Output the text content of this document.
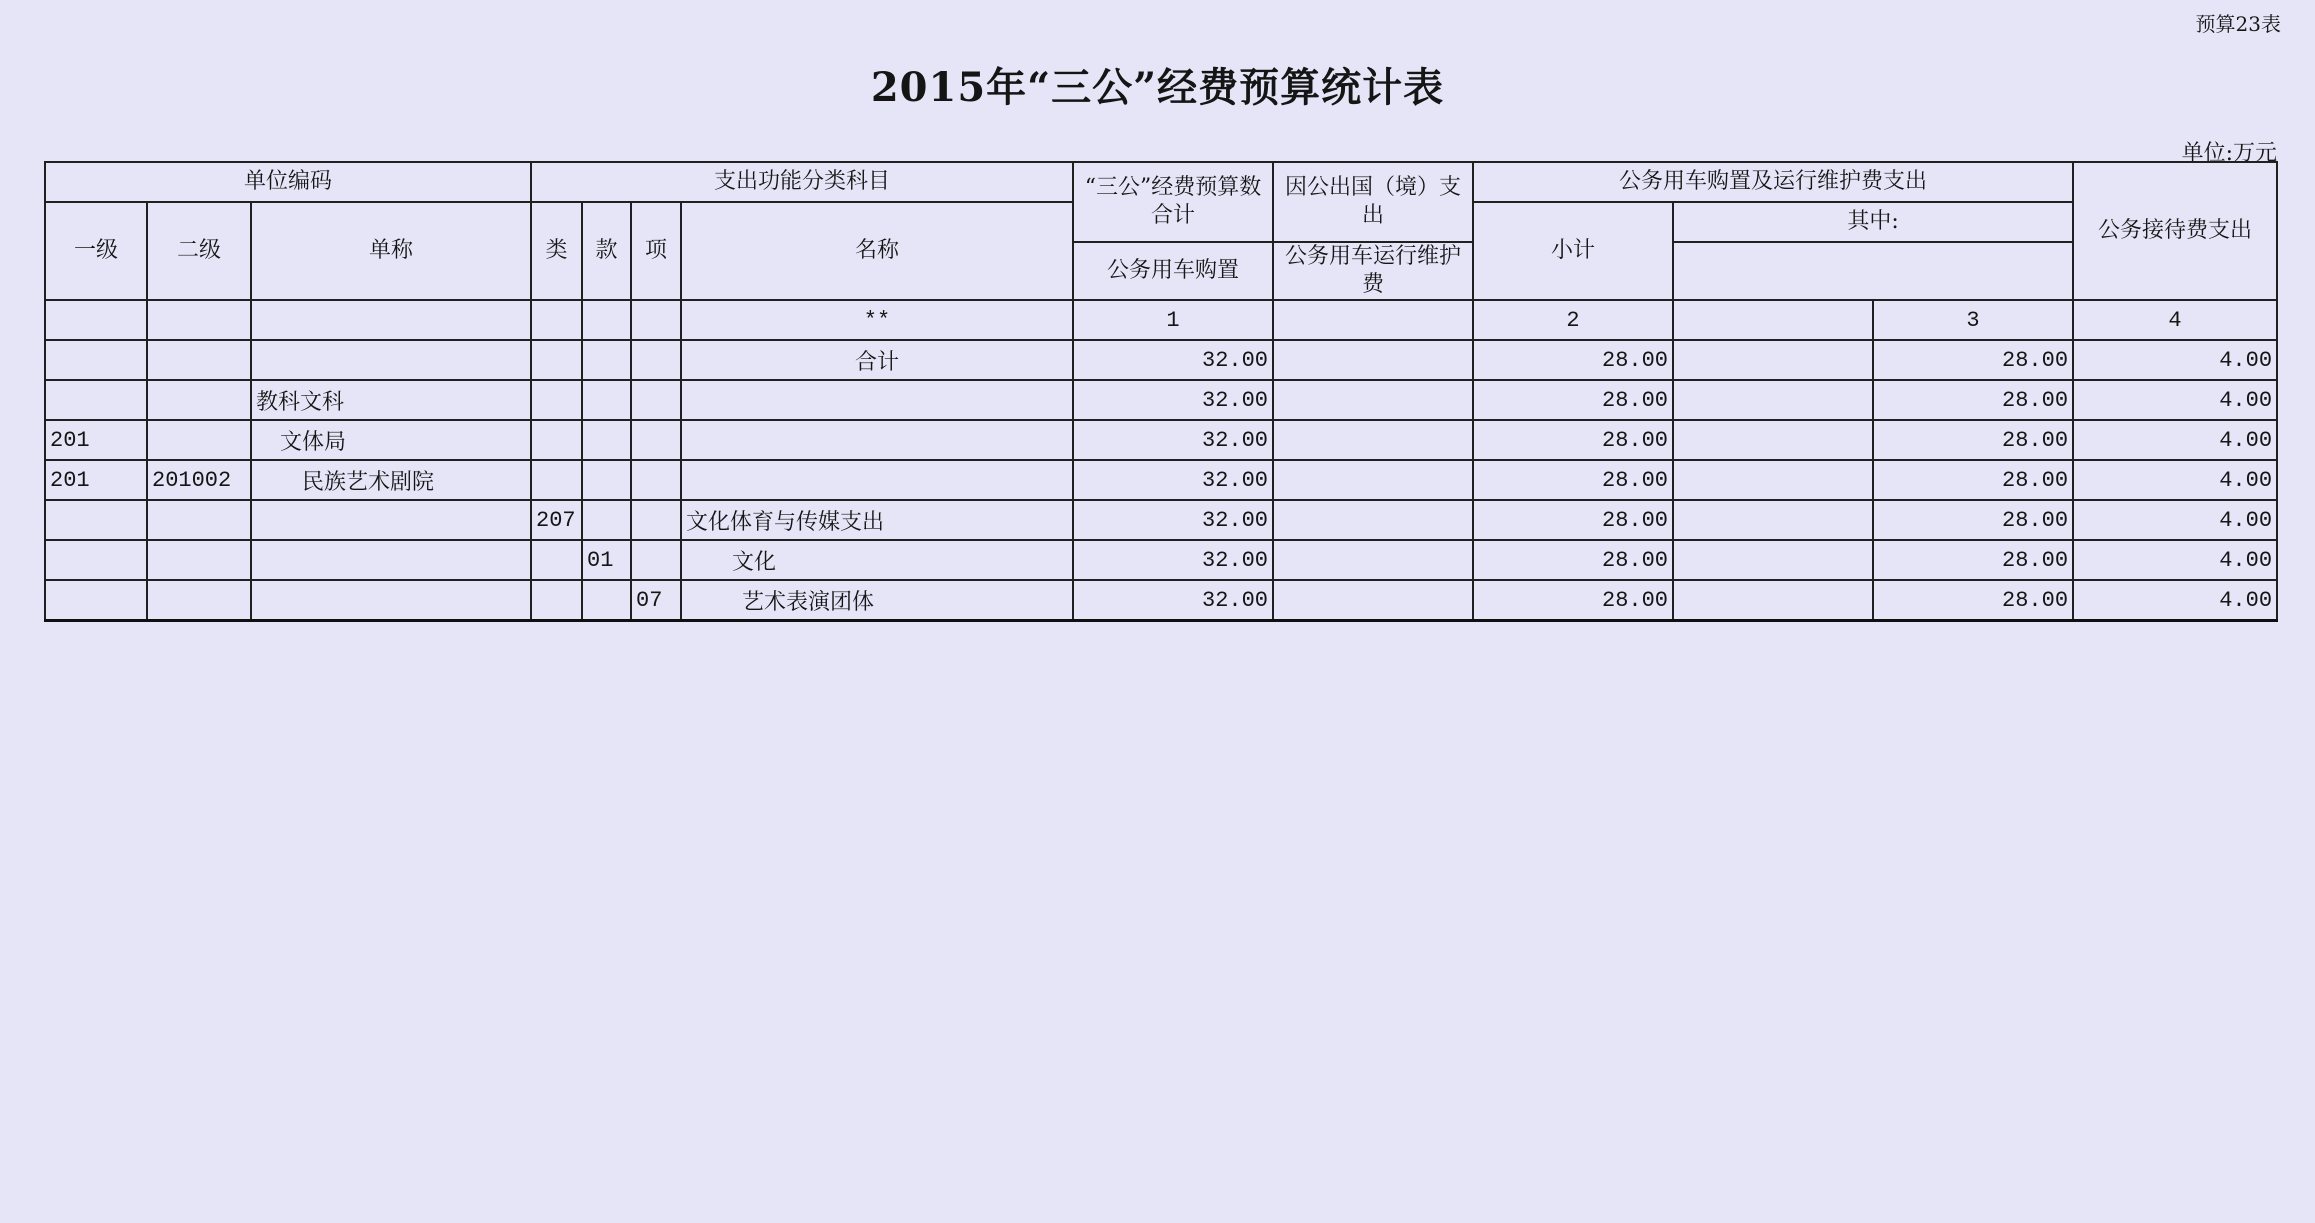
预算23表
2015年“三公”经费预算统计表
单位:万元
单位编码			支出功能分类科目				“三公”经费预算数合计	因公出国（境）支出	公务用车购置及运行维护费支出			公务接待费支出
一级	二级	单称	类	款	项	名称			小计	其中:		
							公务用车购置	公务用车运行维护费			
						**	1		2		3	4
						合计	32.00		28.00		28.00	4.00
		教科文科					32.00		28.00		28.00	4.00
201		文体局					32.00		28.00		28.00	4.00
201	201002	民族艺术剧院					32.00		28.00		28.00	4.00
			207			文化体育与传媒支出	32.00		28.00		28.00	4.00
				01		文化	32.00		28.00		28.00	4.00
					07	艺术表演团体	32.00		28.00		28.00	4.00
